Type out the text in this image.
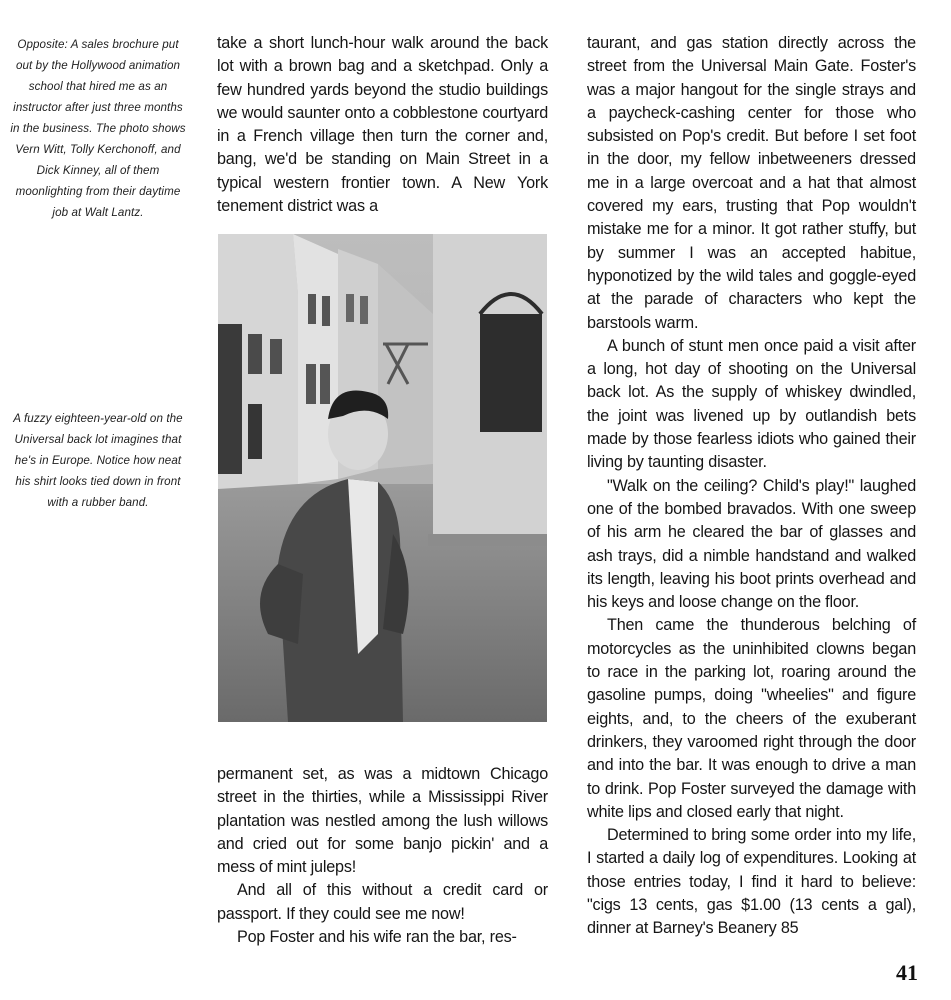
Opposite: A sales brochure put out by the Hollywood animation school that hired me as an instructor after just three months in the business. The photo shows Vern Witt, Tolly Kerchonoff, and Dick Kinney, all of them moonlighting from their daytime job at Walt Lantz.

A fuzzy eighteen-year-old on the Universal back lot imagines that he's in Europe. Notice how neat his shirt looks tied down in front with a rubber band.

take a short lunch-hour walk around the back lot with a brown bag and a sketchpad. Only a few hundred yards beyond the studio buildings we would saunter onto a cobblestone courtyard in a French village then turn the corner and, bang, we'd be standing on Main Street in a typical western frontier town. A New York tenement district was a

permanent set, as was a midtown Chicago street in the thirties, while a Mississippi River plantation was nestled among the lush willows and cried out for some banjo pickin' and a mess of mint juleps!

And all of this without a credit card or passport. If they could see me now!

Pop Foster and his wife ran the bar, res-

taurant, and gas station directly across the street from the Universal Main Gate. Foster's was a major hangout for the single strays and a paycheck-cashing center for those who subsisted on Pop's credit. But before I set foot in the door, my fellow inbetweeners dressed me in a large overcoat and a hat that almost covered my ears, trusting that Pop wouldn't mistake me for a minor. It got rather stuffy, but by summer I was an accepted habitue, hyponotized by the wild tales and goggle-eyed at the parade of characters who kept the barstools warm.

A bunch of stunt men once paid a visit after a long, hot day of shooting on the Universal back lot. As the supply of whiskey dwindled, the joint was livened up by outlandish bets made by those fearless idiots who gained their living by taunting disaster.

"Walk on the ceiling? Child's play!" laughed one of the bombed bravados. With one sweep of his arm he cleared the bar of glasses and ash trays, did a nimble handstand and walked its length, leaving his boot prints overhead and his keys and loose change on the floor.

Then came the thunderous belching of motorcycles as the uninhibited clowns began to race in the parking lot, roaring around the gasoline pumps, doing "wheelies" and figure eights, and, to the cheers of the exuberant drinkers, they varoomed right through the door and into the bar. It was enough to drive a man to drink. Pop Foster surveyed the damage with white lips and closed early that night.

Determined to bring some order into my life, I started a daily log of expenditures. Looking at those entries today, I find it hard to believe: "cigs 13 cents, gas $1.00 (13 cents a gal), dinner at Barney's Beanery 85

41
